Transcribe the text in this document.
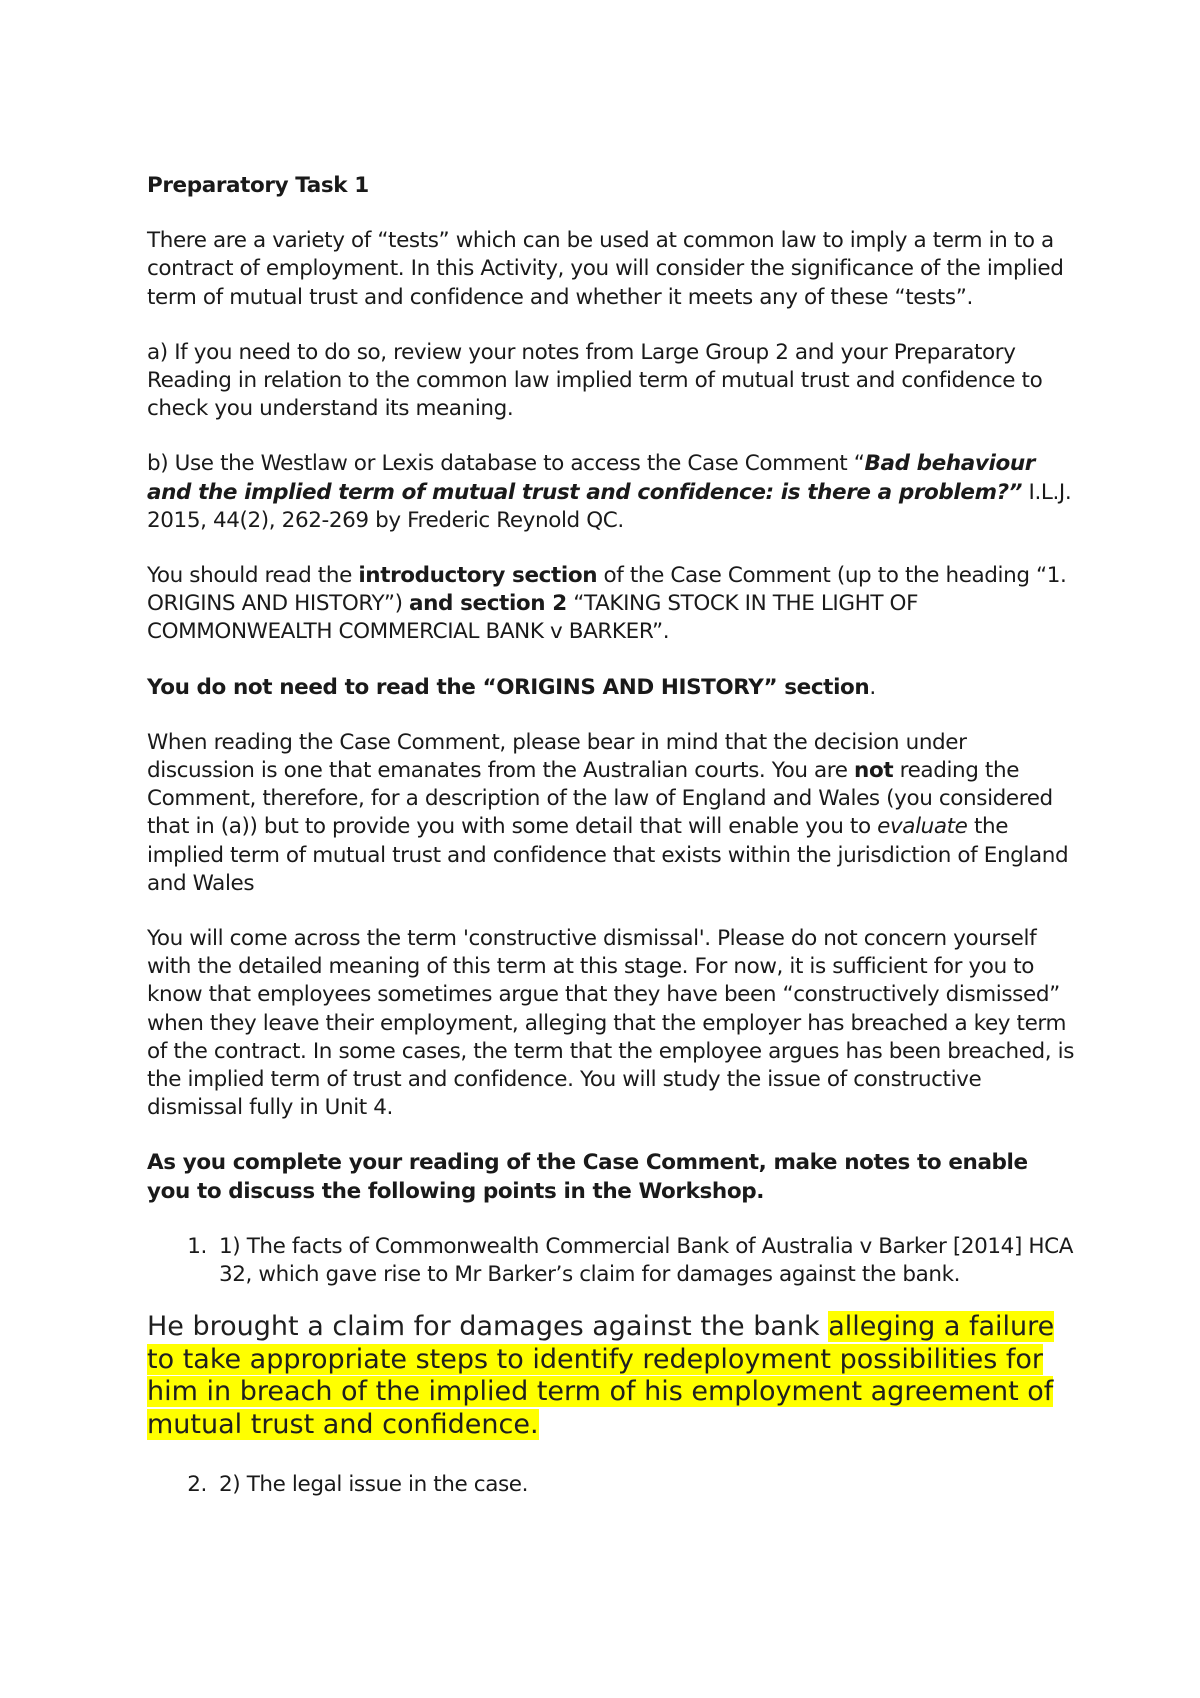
Preparatory Task 1

There are a variety of “tests” which can be used at common law to imply a term in to a contract of employment. In this Activity, you will consider the significance of the implied term of mutual trust and confidence and whether it meets any of these “tests”.

a) If you need to do so, review your notes from Large Group 2 and your Preparatory Reading in relation to the common law implied term of mutual trust and confidence to check you understand its meaning.

b) Use the Westlaw or Lexis database to access the Case Comment “Bad behaviour and the implied term of mutual trust and confidence: is there a problem?” I.L.J. 2015, 44(2), 262-269 by Frederic Reynold QC.

You should read the introductory section of the Case Comment (up to the heading “1. ORIGINS AND HISTORY”) and section 2 “TAKING STOCK IN THE LIGHT OF COMMONWEALTH COMMERCIAL BANK v BARKER”.

You do not need to read the “ORIGINS AND HISTORY” section.

When reading the Case Comment, please bear in mind that the decision under discussion is one that emanates from the Australian courts. You are not reading the Comment, therefore, for a description of the law of England and Wales (you considered that in (a)) but to provide you with some detail that will enable you to evaluate the implied term of mutual trust and confidence that exists within the jurisdiction of England and Wales

You will come across the term 'constructive dismissal'. Please do not concern yourself with the detailed meaning of this term at this stage. For now, it is sufficient for you to know that employees sometimes argue that they have been “constructively dismissed” when they leave their employment, alleging that the employer has breached a key term of the contract. In some cases, the term that the employee argues has been breached, is the implied term of trust and confidence. You will study the issue of constructive dismissal fully in Unit 4.

As you complete your reading of the Case Comment, make notes to enable you to discuss the following points in the Workshop.

1. 1) The facts of Commonwealth Commercial Bank of Australia v Barker [2014] HCA 32, which gave rise to Mr Barker’s claim for damages against the bank.
He brought a claim for damages against the bank alleging a failure to take appropriate steps to identify redeployment possibilities for him in breach of the implied term of his employment agreement of mutual trust and confidence.
2. 2) The legal issue in the case.
